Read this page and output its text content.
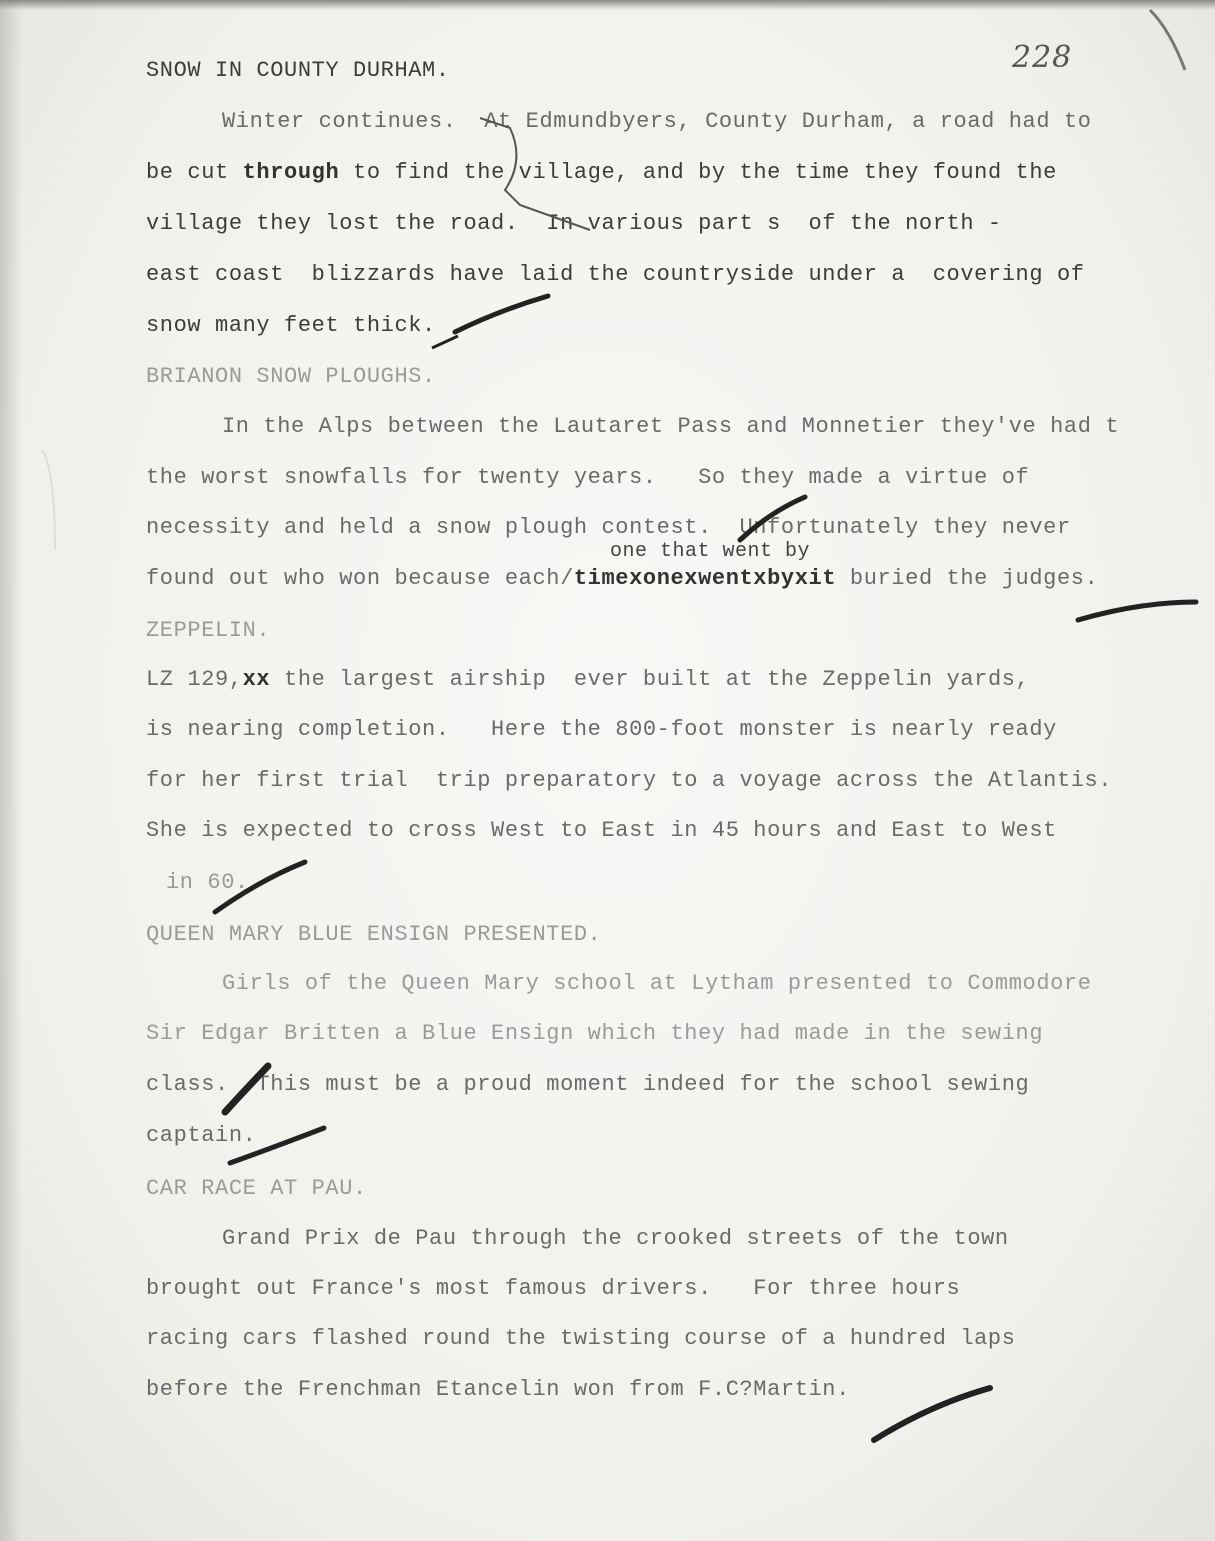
228
SNOW IN COUNTY DURHAM.
Winter continues.  At Edmundbyers, County Durham, a road had to
be cut through to find the village, and by the time they found the
village they lost the road.  In various part s  of the north -
east coast  blizzards have laid the countryside under a  covering of
snow many feet thick.
BRIANON SNOW PLOUGHS.
In the Alps between the Lautaret Pass and Monnetier they've had t
the worst snowfalls for twenty years.   So they made a virtue of
necessity and held a snow plough contest.  Unfortunately they never
one that went by
found out who won because each/timexonexwentxbyxit buried the judges.
ZEPPELIN.
LZ 129,xx the largest airship  ever built at the Zeppelin yards,
is nearing completion.   Here the 800-foot monster is nearly ready
for her first trial  trip preparatory to a voyage across the Atlantis.
She is expected to cross West to East in 45 hours and East to West
in 60.
QUEEN MARY BLUE ENSIGN PRESENTED.
Girls of the Queen Mary school at Lytham presented to Commodore
Sir Edgar Britten a Blue Ensign which they had made in the sewing
class.  This must be a proud moment indeed for the school sewing
captain.
CAR RACE AT PAU.
Grand Prix de Pau through the crooked streets of the town
brought out France's most famous drivers.   For three hours
racing cars flashed round the twisting course of a hundred laps
before the Frenchman Etancelin won from F.C?Martin.
